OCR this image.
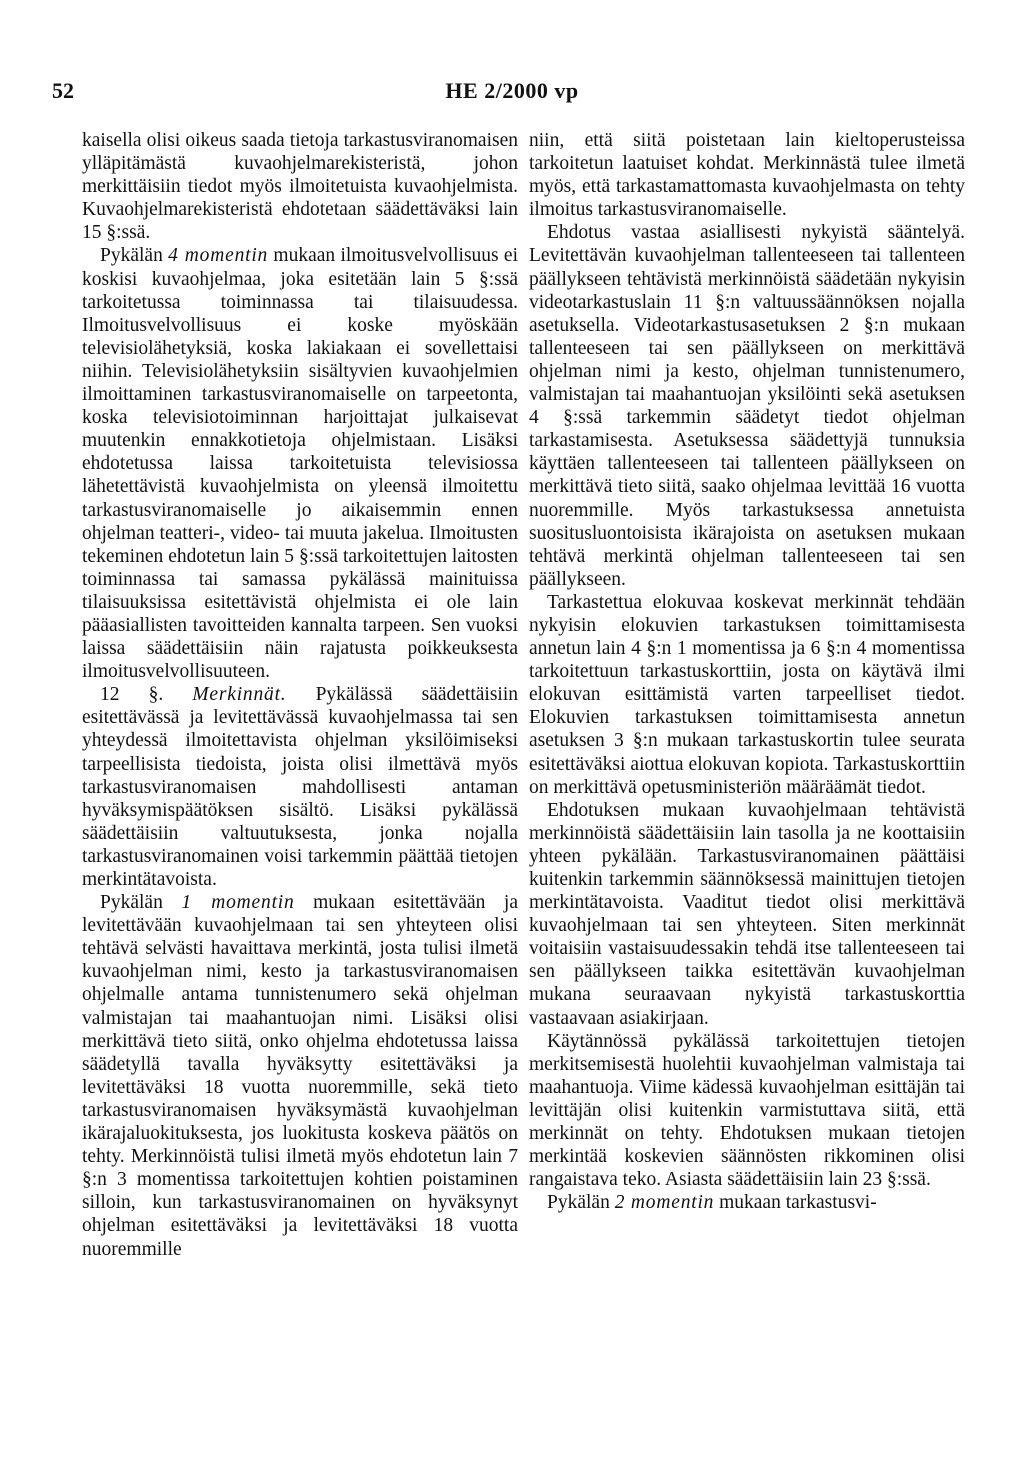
52	HE 2/2000 vp

kaisella olisi oikeus saada tietoja tarkastusviranomaisen ylläpitämästä kuvaohjelmarekisteristä, johon merkittäisiin tiedot myös ilmoitetuista kuvaohjelmista. Kuvaohjelmarekisteristä ehdotetaan säädettäväksi lain 15 §:ssä.

Pykälän 4 momentin mukaan ilmoitusvelvollisuus ei koskisi kuvaohjelmaa, joka esitetään lain 5 §:ssä tarkoitetussa toiminnassa tai tilaisuudessa. Ilmoitusvelvollisuus ei koske myöskään televisiolähetyksiä, koska lakiakaan ei sovellettaisi niihin. Televisiolähetyksiin sisältyvien kuvaohjelmien ilmoittaminen tarkastusviranomaiselle on tarpeetonta, koska televisiotoiminnan harjoittajat julkaisevat muutenkin ennakkotietoja ohjelmistaan. Lisäksi ehdotetussa laissa tarkoitetuista televisiossa lähetettävistä kuvaohjelmista on yleensä ilmoitettu tarkastusviranomaiselle jo aikaisemmin ennen ohjelman teatteri-, video- tai muuta jakelua. Ilmoitusten tekeminen ehdotetun lain 5 §:ssä tarkoitettujen laitosten toiminnassa tai samassa pykälässä mainituissa tilaisuuksissa esitettävistä ohjelmista ei ole lain pääasiallisten tavoitteiden kannalta tarpeen. Sen vuoksi laissa säädettäisiin näin rajatusta poikkeuksesta ilmoitusvelvollisuuteen.

12 §. Merkinnät. Pykälässä säädettäisiin esitettävässä ja levitettävässä kuvaohjelmassa tai sen yhteydessä ilmoitettavista ohjelman yksilöimiseksi tarpeellisista tiedoista, joista olisi ilmettävä myös tarkastusviranomaisen mahdollisesti antaman hyväksymispäätöksen sisältö. Lisäksi pykälässä säädettäisiin valtuutuksesta, jonka nojalla tarkastusviranomainen voisi tarkemmin päättää tietojen merkintätavoista.

Pykälän 1 momentin mukaan esitettävään ja levitettävään kuvaohjelmaan tai sen yhteyteen olisi tehtävä selvästi havaittava merkintä, josta tulisi ilmetä kuvaohjelman nimi, kesto ja tarkastusviranomaisen ohjelmalle antama tunnistenumero sekä ohjelman valmistajan tai maahantuojan nimi. Lisäksi olisi merkittävä tieto siitä, onko ohjelma ehdotetussa laissa säädetyllä tavalla hyväksytty esitettäväksi ja levitettäväksi 18 vuotta nuoremmille, sekä tieto tarkastusviranomaisen hyväksymästä kuvaohjelman ikärajaluokituksesta, jos luokitusta koskeva päätös on tehty. Merkinnöistä tulisi ilmetä myös ehdotetun lain 7 §:n 3 momentissa tarkoitettujen kohtien poistaminen silloin, kun tarkastusviranomainen on hyväksynyt ohjelman esitettäväksi ja levitettäväksi 18 vuotta nuoremmille

niin, että siitä poistetaan lain kieltoperusteissa tarkoitetun laatuiset kohdat. Merkinnästä tulee ilmetä myös, että tarkastamattomasta kuvaohjelmasta on tehty ilmoitus tarkastusviranomaiselle.

Ehdotus vastaa asiallisesti nykyistä sääntelyä. Levitettävän kuvaohjelman tallenteeseen tai tallenteen päällykseen tehtävistä merkinnöistä säädetään nykyisin videotarkastuslain 11 §:n valtuussäännöksen nojalla asetuksella. Videotarkastusasetuksen 2 §:n mukaan tallenteeseen tai sen päällykseen on merkittävä ohjelman nimi ja kesto, ohjelman tunnistenumero, valmistajan tai maahantuojan yksilöinti sekä asetuksen 4 §:ssä tarkemmin säädetyt tiedot ohjelman tarkastamisesta. Asetuksessa säädettyjä tunnuksia käyttäen tallenteeseen tai tallenteen päällykseen on merkittävä tieto siitä, saako ohjelmaa levittää 16 vuotta nuoremmille. Myös tarkastuksessa annetuista suositusluontoisista ikärajoista on asetuksen mukaan tehtävä merkintä ohjelman tallenteeseen tai sen päällykseen.

Tarkastettua elokuvaa koskevat merkinnät tehdään nykyisin elokuvien tarkastuksen toimittamisesta annetun lain 4 §:n 1 momentissa ja 6 §:n 4 momentissa tarkoitettuun tarkastuskorttiin, josta on käytävä ilmi elokuvan esittämistä varten tarpeelliset tiedot. Elokuvien tarkastuksen toimittamisesta annetun asetuksen 3 §:n mukaan tarkastuskortin tulee seurata esitettäväksi aiottua elokuvan kopiota. Tarkastuskorttiin on merkittävä opetusministeriön määräämät tiedot.

Ehdotuksen mukaan kuvaohjelmaan tehtävistä merkinnöistä säädettäisiin lain tasolla ja ne koottaisiin yhteen pykälään. Tarkastusviranomainen päättäisi kuitenkin tarkemmin säännöksessä mainittujen tietojen merkintätavoista. Vaaditut tiedot olisi merkittävä kuvaohjelmaan tai sen yhteyteen. Siten merkinnät voitaisiin vastaisuudessakin tehdä itse tallenteeseen tai sen päällykseen taikka esitettävän kuvaohjelman mukana seuraavaan nykyistä tarkastuskorttia vastaavaan asiakirjaan.

Käytännössä pykälässä tarkoitettujen tietojen merkitsemisestä huolehtii kuvaohjelman valmistaja tai maahantuoja. Viime kädessä kuvaohjelman esittäjän tai levittäjän olisi kuitenkin varmistuttava siitä, että merkinnät on tehty. Ehdotuksen mukaan tietojen merkintää koskevien säännösten rikkominen olisi rangaistava teko. Asiasta säädettäisiin lain 23 §:ssä.

Pykälän 2 momentin mukaan tarkastusvi-
